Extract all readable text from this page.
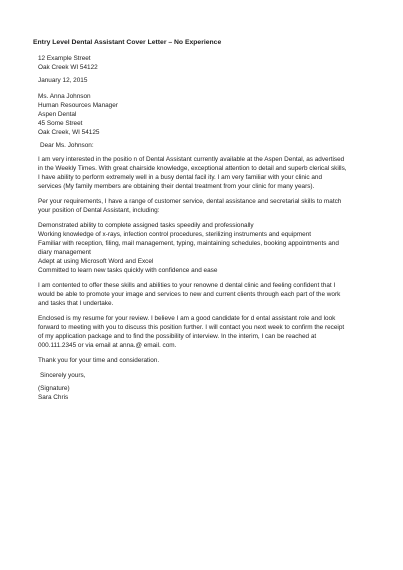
Entry Level Dental Assistant Cover Letter – No Experience
12 Example Street
Oak Creek WI 54122
January 12, 2015
Ms. Anna Johnson
Human Resources Manager
Aspen Dental
45 Some Street
Oak Creek, WI 54125
Dear Ms. Johnson:
I am very interested in the positio n of Dental Assistant currently available at the Aspen Dental, as advertised
in the Weekly Times. With great chairside knowledge, exceptional attention to detail and superb clerical skills,
I have ability to perform extremely well in a busy dental facil ity. I am very familiar with your clinic and
services (My family members are obtaining their dental treatment from your clinic for many years).
Per your requirements, I have a range of customer service, dental assistance and secretarial skills to match
your position of Dental Assistant, including:
Demonstrated ability to complete assigned tasks speedily and professionally
Working knowledge of x-rays, infection control procedures, sterilizing instruments and equipment
Familiar with reception, filing, mail management, typing, maintaining schedules, booking appointments and
diary management
Adept at using Microsoft Word and Excel
Committed to learn new tasks quickly with confidence and ease
I am contented to offer these skills and abilities to your renowne d dental clinic and feeling confident that I
would be able to promote your image and services to new and current clients through each part of the work
and tasks that I undertake.
Enclosed is my resume for your review. I believe I am a good candidate for d ental assistant role and look
forward to meeting with you to discuss this position further. I will contact you next week to confirm the receipt
of my application package and to find the possibility of interview. In the interim, I can be reached at
000.111.2345 or via email at anna.@ email. com.
Thank you for your time and consideration.
Sincerely yours,
(Signature)
Sara Chris
